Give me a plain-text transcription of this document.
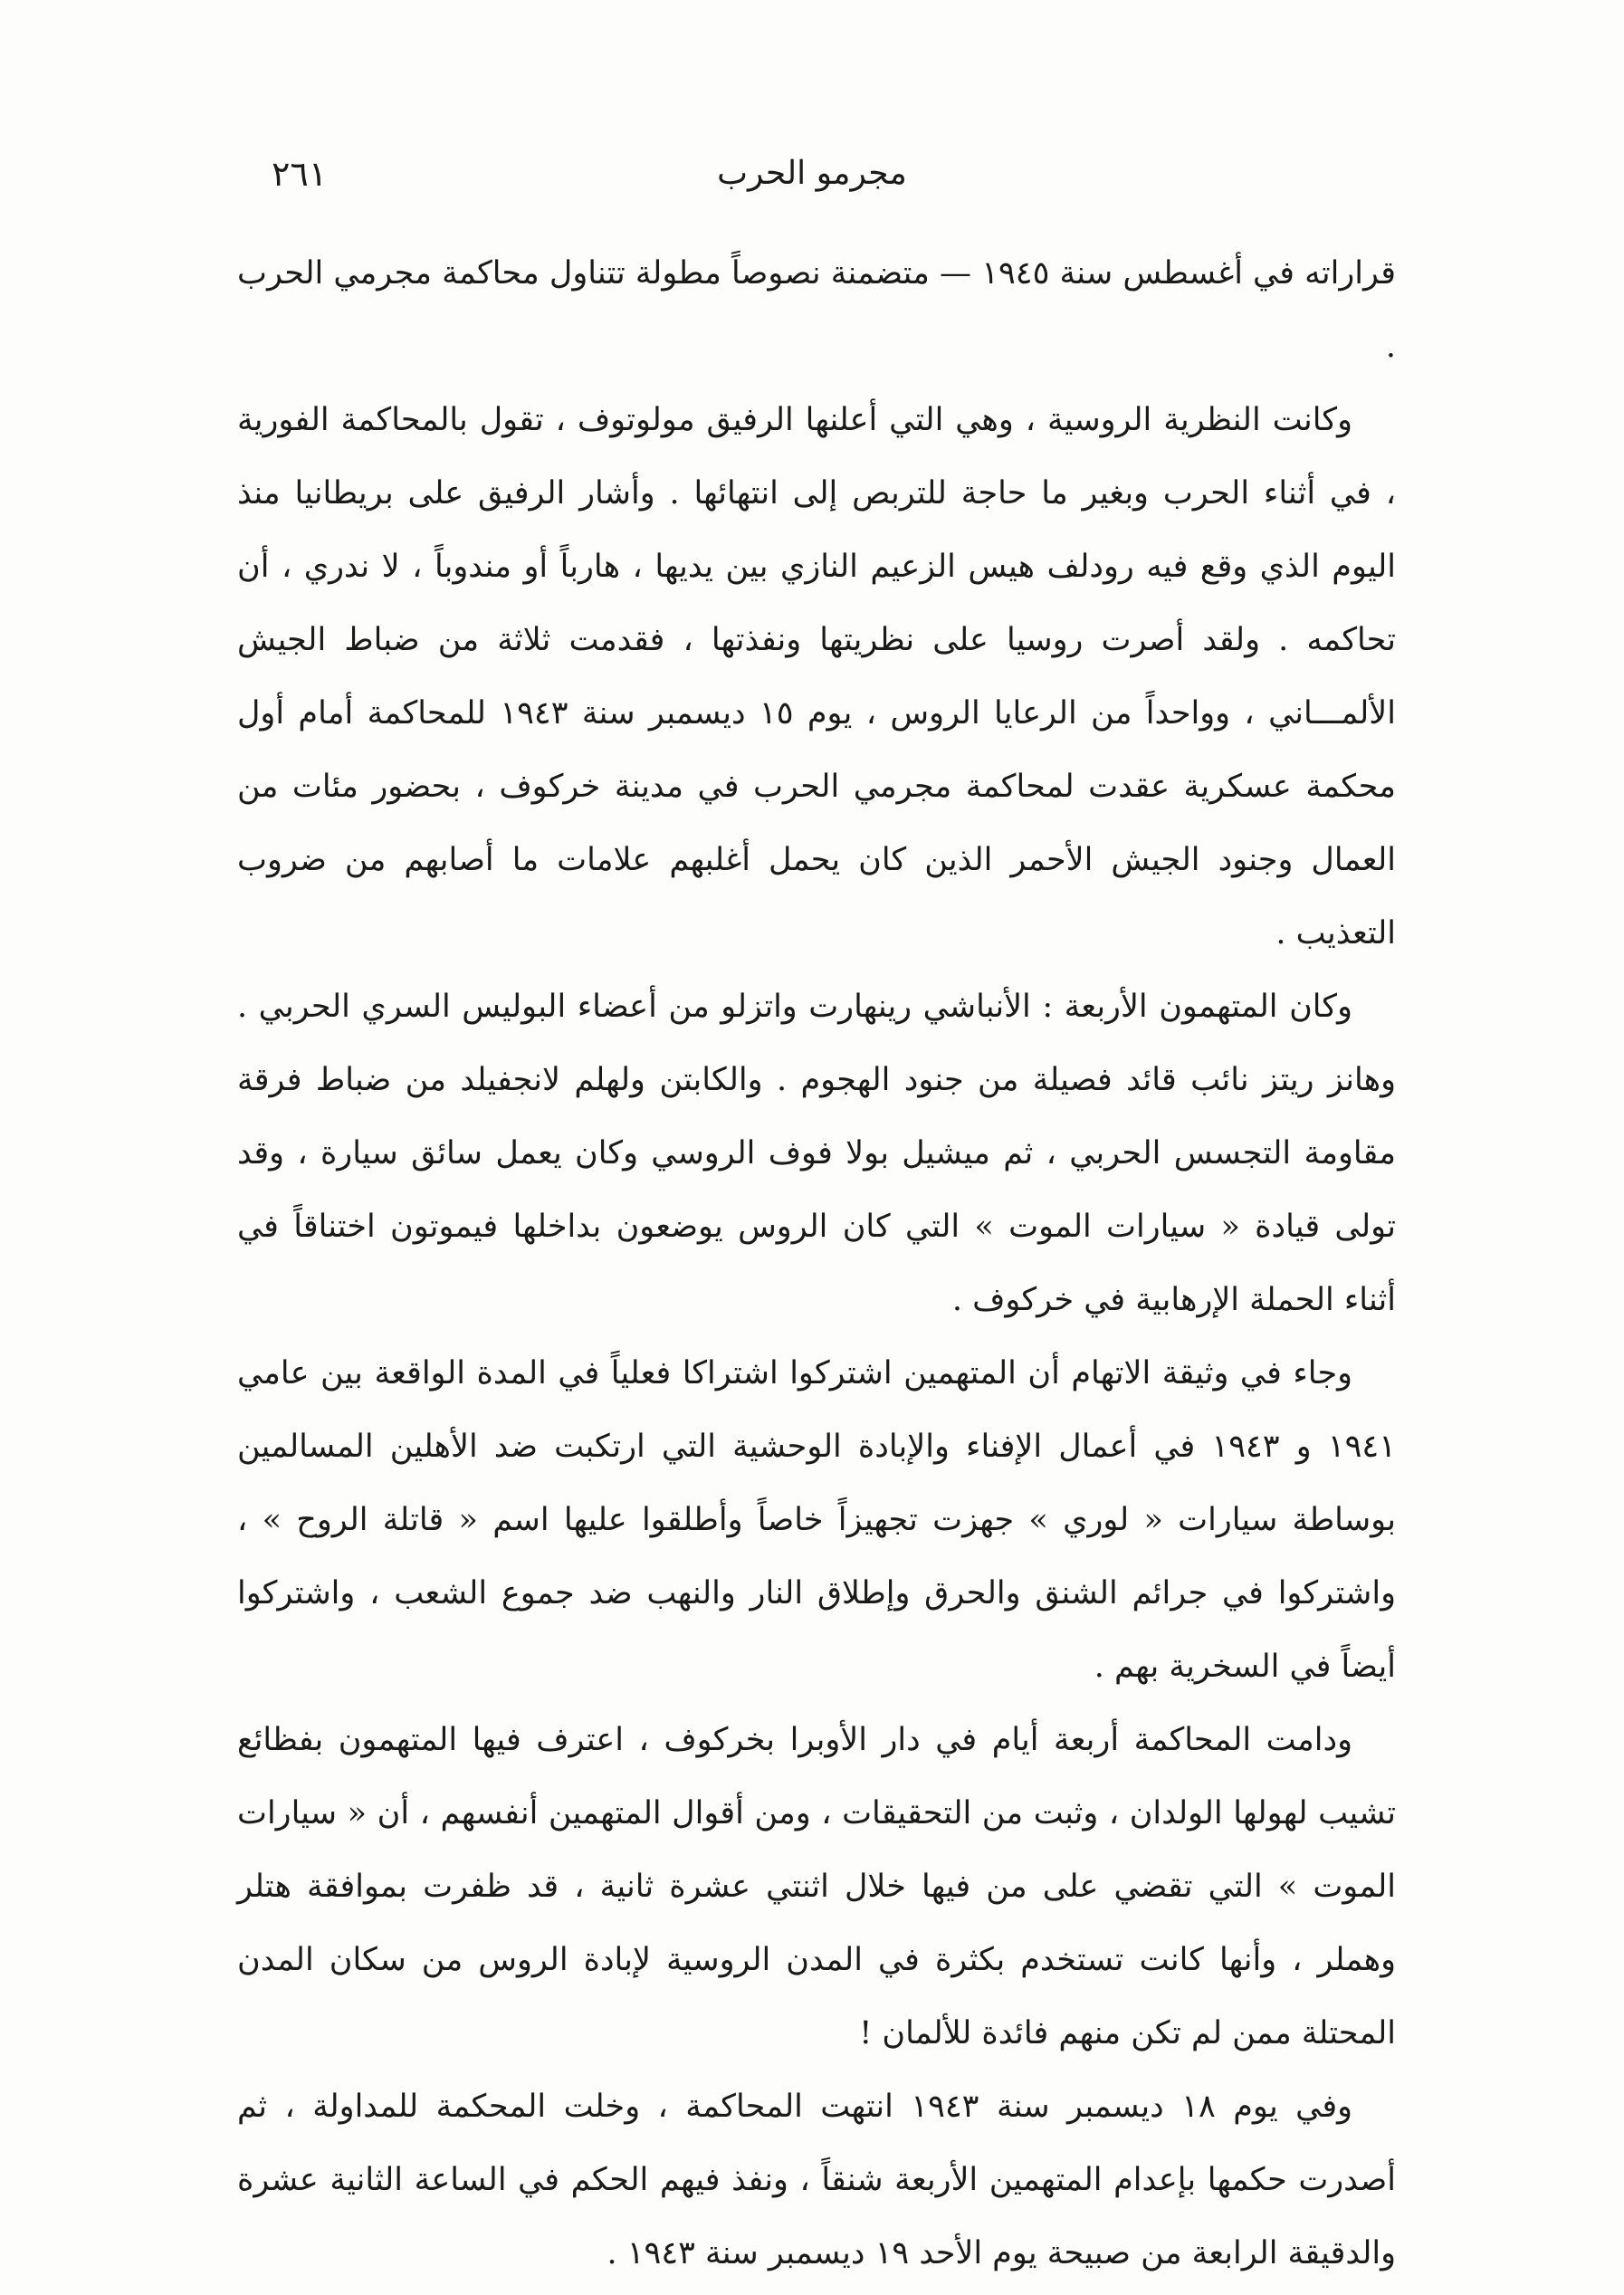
مجرمو الحرب
٢٦١

قراراته في أغسطس سنة ١٩٤٥ — متضمنة نصوصاً مطولة تتناول محاكمة مجرمي الحرب .

وكانت النظرية الروسية ، وهي التي أعلنها الرفيق مولوتوف ، تقول بالمحاكمة الفورية ، في أثناء الحرب وبغير ما حاجة للتربص إلى انتهائها . وأشار الرفيق على بريطانيا منذ اليوم الذي وقع فيه رودلف هيس الزعيم النازي بين يديها ، هارباً أو مندوباً ، لا ندري ، أن تحاكمه . ولقد أصرت روسيا على نظريتها ونفذتها ، فقدمت ثلاثة من ضباط الجيش الألمـــاني ، وواحداً من الرعايا الروس ، يوم ١٥ ديسمبر سنة ١٩٤٣ للمحاكمة أمام أول محكمة عسكرية عقدت لمحاكمة مجرمي الحرب في مدينة خركوف ، بحضور مئات من العمال وجنود الجيش الأحمر الذين كان يحمل أغلبهم علامات ما أصابهم من ضروب التعذيب .

وكان المتهمون الأربعة : الأنباشي رينهارت واتزلو من أعضاء البوليس السري الحربي . وهانز ريتز نائب قائد فصيلة من جنود الهجوم . والكابتن ولهلم لانجفيلد من ضباط فرقة مقاومة التجسس الحربي ، ثم ميشيل بولا فوف الروسي وكان يعمل سائق سيارة ، وقد تولى قيادة « سيارات الموت » التي كان الروس يوضعون بداخلها فيموتون اختناقاً في أثناء الحملة الإرهابية في خركوف .

وجاء في وثيقة الاتهام أن المتهمين اشتركوا اشتراكا فعلياً في المدة الواقعة بين عامي ١٩٤١ و ١٩٤٣ في أعمال الإفناء والإبادة الوحشية التي ارتكبت ضد الأهلين المسالمين بوساطة سيارات « لوري » جهزت تجهيزاً خاصاً وأطلقوا عليها اسم « قاتلة الروح » ، واشتركوا في جرائم الشنق والحرق وإطلاق النار والنهب ضد جموع الشعب ، واشتركوا أيضاً في السخرية بهم .

ودامت المحاكمة أربعة أيام في دار الأوبرا بخركوف ، اعترف فيها المتهمون بفظائع تشيب لهولها الولدان ، وثبت من التحقيقات ، ومن أقوال المتهمين أنفسهم ، أن « سيارات الموت » التي تقضي على من فيها خلال اثنتي عشرة ثانية ، قد ظفرت بموافقة هتلر وهملر ، وأنها كانت تستخدم بكثرة في المدن الروسية لإبادة الروس من سكان المدن المحتلة ممن لم تكن منهم فائدة للألمان !

وفي يوم ١٨ ديسمبر سنة ١٩٤٣ انتهت المحاكمة ، وخلت المحكمة للمداولة ، ثم أصدرت حكمها بإعدام المتهمين الأربعة شنقاً ، ونفذ فيهم الحكم في الساعة الثانية عشرة والدقيقة الرابعة من صبيحة يوم الأحد ١٩ ديسمبر سنة ١٩٤٣ .
